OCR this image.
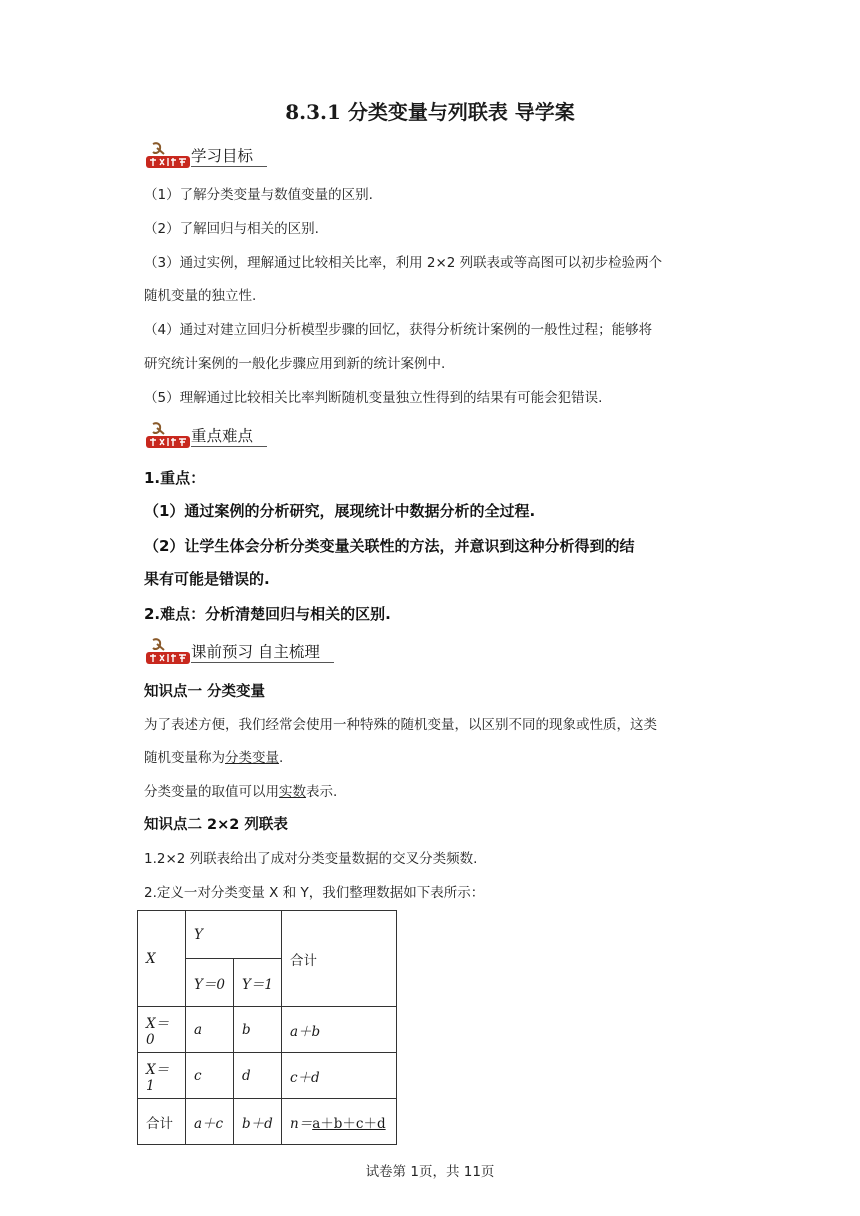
8.3.1 分类变量与列联表 导学案
学习目标
（1）了解分类变量与数值变量的区别.
（2）了解回归与相关的区别.
（3）通过实例，理解通过比较相关比率，利用 2×2 列联表或等高图可以初步检验两个
随机变量的独立性.
（4）通过对建立回归分析模型步骤的回忆，获得分析统计案例的一般性过程；能够将
研究统计案例的一般化步骤应用到新的统计案例中.
（5）理解通过比较相关比率判断随机变量独立性得到的结果有可能会犯错误.
重点难点
1.重点：
（1）通过案例的分析研究，展现统计中数据分析的全过程.
（2）让学生体会分析分类变量关联性的方法，并意识到这种分析得到的结
果有可能是错误的.
2.难点：分析清楚回归与相关的区别.
课前预习 自主梳理
知识点一 分类变量
为了表述方便，我们经常会使用一种特殊的随机变量，以区别不同的现象或性质，这类
随机变量称为分类变量.
分类变量的取值可以用实数表示.
知识点二 2×2 列联表
1.2×2 列联表给出了成对分类变量数据的交叉分类频数.
2.定义一对分类变量 X 和 Y，我们整理数据如下表所示：
X	Y		合计
	Y＝0	Y＝1	
X＝0	a	b	a＋b
X＝1	c	d	c＋d
合计	a＋c	b＋d	n＝a＋b＋c＋d
试卷第 1页，共 11页
